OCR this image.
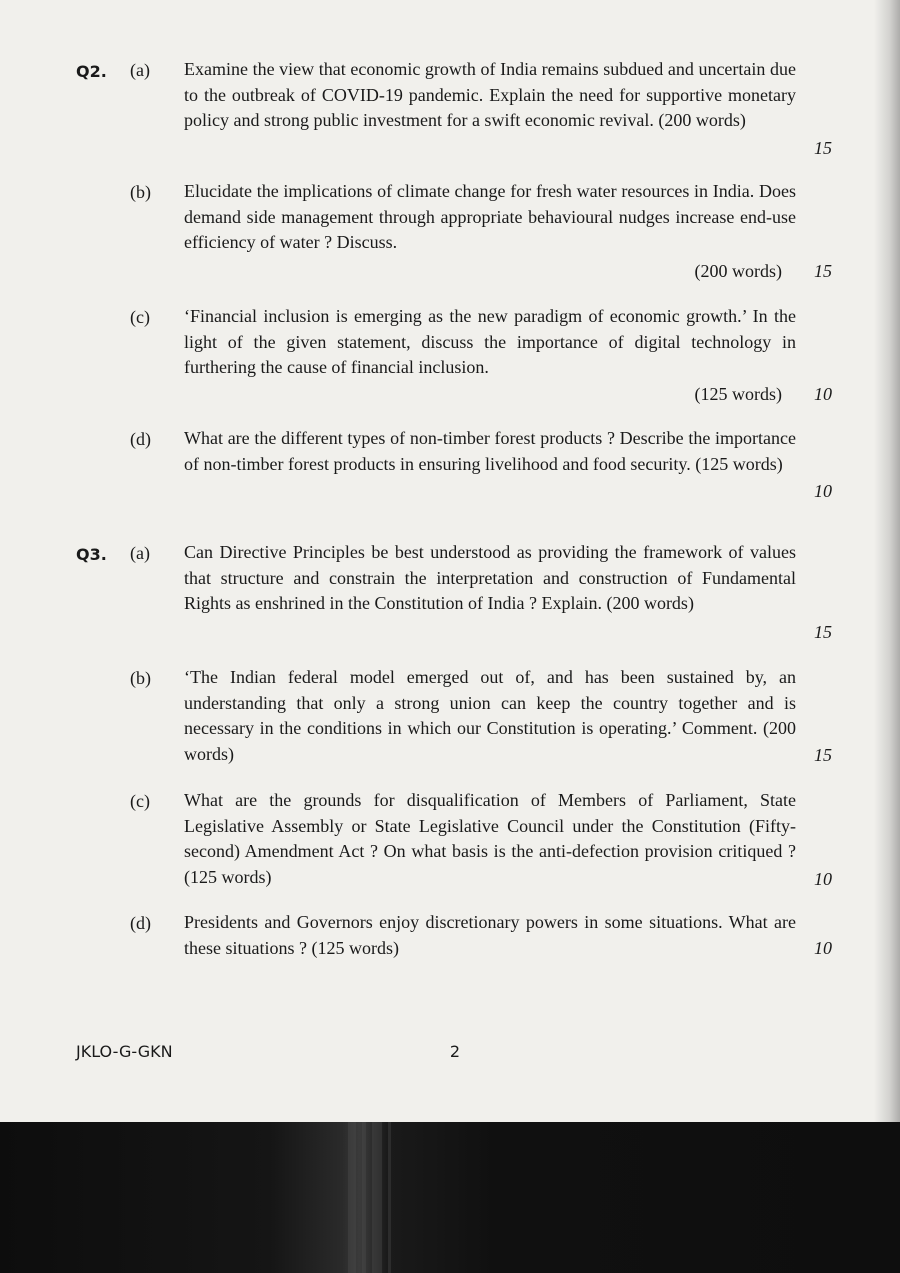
Q2. (a) Examine the view that economic growth of India remains subdued and uncertain due to the outbreak of COVID-19 pandemic. Explain the need for supportive monetary policy and strong public investment for a swift economic revival. (200 words)
15
(b) Elucidate the implications of climate change for fresh water resources in India. Does demand side management through appropriate behavioural nudges increase end-use efficiency of water ? Discuss.
(200 words)	15
(c) ‘Financial inclusion is emerging as the new paradigm of economic growth.’ In the light of the given statement, discuss the importance of digital technology in furthering the cause of financial inclusion.
(125 words)	10
(d) What are the different types of non-timber forest products ? Describe the importance of non-timber forest products in ensuring livelihood and food security. (125 words)
10
Q3. (a) Can Directive Principles be best understood as providing the framework of values that structure and constrain the interpretation and construction of Fundamental Rights as enshrined in the Constitution of India ? Explain. (200 words)
15
(b) ‘The Indian federal model emerged out of, and has been sustained by, an understanding that only a strong union can keep the country together and is necessary in the conditions in which our Constitution is operating.’ Comment. (200 words)	15
(c) What are the grounds for disqualification of Members of Parliament, State Legislative Assembly or State Legislative Council under the Constitution (Fifty-second) Amendment Act ? On what basis is the anti-defection provision critiqued ? (125 words)	10
(d) Presidents and Governors enjoy discretionary powers in some situations. What are these situations ? (125 words)	10
JKLO-G-GKN	2
